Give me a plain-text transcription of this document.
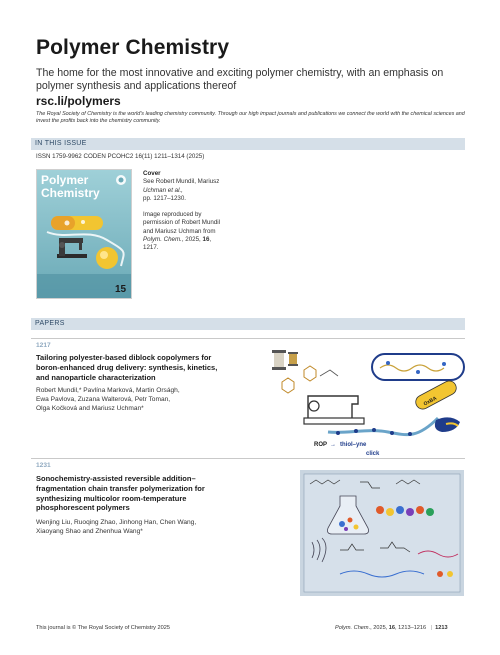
Polymer Chemistry
The home for the most innovative and exciting polymer chemistry, with an emphasis on polymer synthesis and applications thereof
rsc.li/polymers
The Royal Society of Chemistry is the world's leading chemistry community. Through our high impact journals and publications we connect the world with the chemical sciences and invest the profits back into the chemistry community.
IN THIS ISSUE
ISSN 1759-9962 CODEN PCOHC2 16(11) 1211–1314 (2025)
Polymer
Chemistry
15
Cover
See Robert Mundil, Mariusz
Uchman et al.,
pp. 1217–1230.
Image reproduced by
permission of Robert Mundil
and Mariusz Uchman from
Polym. Chem., 2025, 16,
1217.
PAPERS
1217
Tailoring polyester-based diblock copolymers for
boron-enhanced drug delivery: synthesis, kinetics,
and nanoparticle characterization
Robert Mundil,* Pavlína Marková, Martin Orságh,
Ewa Pavlova, Zuzana Walterová, Petr Toman,
Olga Kočková and Mariusz Uchman*
OxBA
ROP → thiol–yne
click
1231
Sonochemistry-assisted reversible addition–
fragmentation chain transfer polymerization for
synthesizing multicolor room-temperature
phosphorescent polymers
Wenjing Liu, Ruoqing Zhao, Jinhong Han, Chen Wang,
Xiaoyang Shao and Zhenhua Wang*
This journal is © The Royal Society of Chemistry 2025	Polym. Chem., 2025, 16, 1213–1216 | 1213
